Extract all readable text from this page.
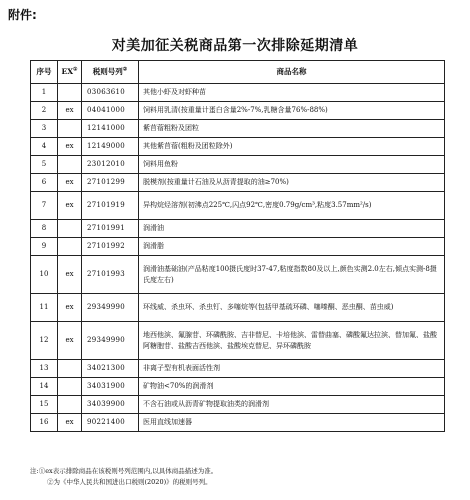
附件:
对美加征关税商品第一次排除延期清单
序号	EX①	税则号列②	商品名称
1		03063610	其他小虾及对虾种苗
2	ex	04041000	饲料用乳清(按重量计蛋白含量2%-7%,乳糖含量76%-88%)
3		12141000	紫苜蓿粗粉及团粒
4	ex	12149000	其他紫苜蓿(粗粉及团粒除外)
5		23012010	饲料用鱼粉
6	ex	27101299	脱模剂(按重量计石油及从沥青提取的油≥70%)
7	ex	27101919	异构烷烃溶剂(初沸点225℃,闪点92℃,密度0.79g/cm³,粘度3.57mm²/s)
8		27101991	润滑油
9		27101992	润滑脂
10	ex	27101993	润滑油基础油(产品粘度100摄氏度时37-47,粘度指数80及以上,颜色实测2.0左右,倾点实测-8摄氏度左右)
11	ex	29349990	环线威、杀虫环、杀虫钉、多噻烷等(包括甲基硫环磷、噻嗪酮、恶虫酮、苗虫威)
12	ex	29349990	地西他滨、氟腺苷、环磷酰胺、吉非替尼、卡培他滨、雷替曲塞、磷酸氟达拉滨、替加氟、盐酸阿糖胞苷、盐酸吉西他滨、盐酸埃克替尼、异环磷酰胺
13		34021300	非离子型有机表面活性剂
14		34031900	矿物油<70%的润滑剂
15		34039900	不含石油或从沥青矿物提取油类的润滑剂
16	ex	90221400	医用直线加速器
注:①ex表示排除商品在该税则号列范围内,以具体商品描述为准。
②为《中华人民共和国进出口税则(2020)》的税则号列。
